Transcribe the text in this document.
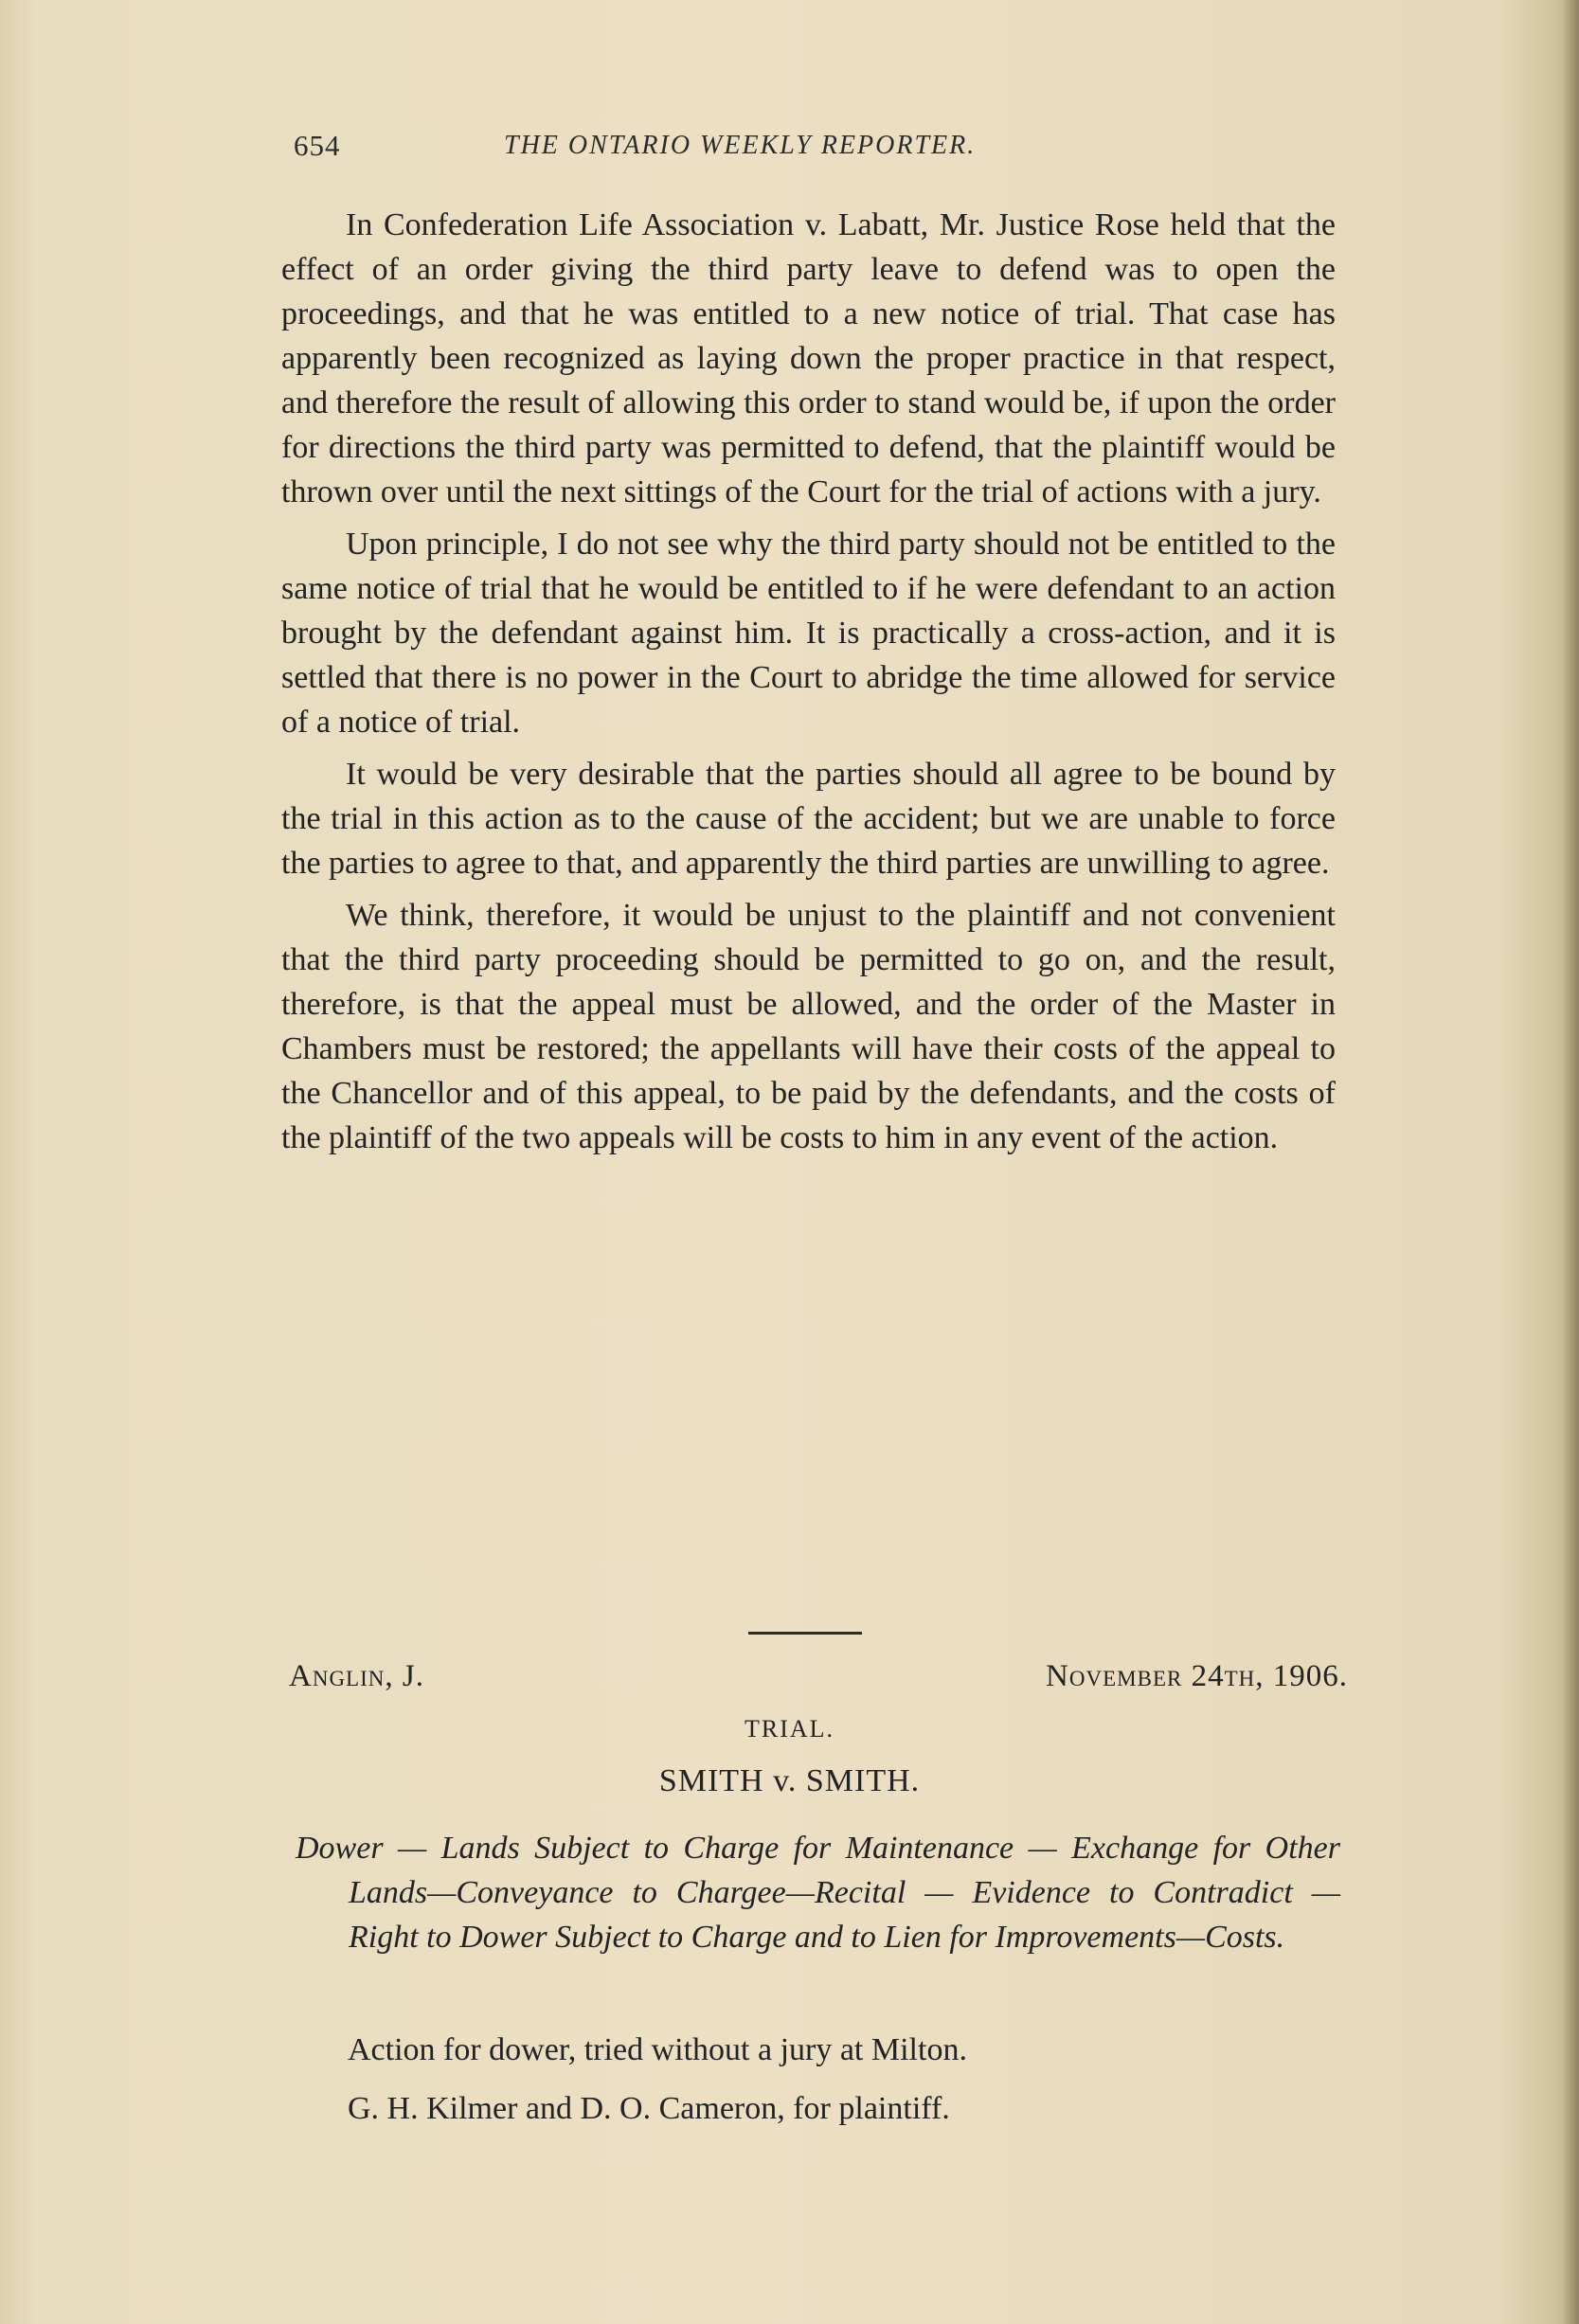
654	THE ONTARIO WEEKLY REPORTER.

In Confederation Life Association v. Labatt, Mr. Justice Rose held that the effect of an order giving the third party leave to defend was to open the proceedings, and that he was entitled to a new notice of trial. That case has apparently been recognized as laying down the proper practice in that respect, and therefore the result of allowing this order to stand would be, if upon the order for directions the third party was permitted to defend, that the plaintiff would be thrown over until the next sittings of the Court for the trial of actions with a jury.

Upon principle, I do not see why the third party should not be entitled to the same notice of trial that he would be entitled to if he were defendant to an action brought by the defendant against him. It is practically a cross-action, and it is settled that there is no power in the Court to abridge the time allowed for service of a notice of trial.

It would be very desirable that the parties should all agree to be bound by the trial in this action as to the cause of the accident; but we are unable to force the parties to agree to that, and apparently the third parties are unwilling to agree.

We think, therefore, it would be unjust to the plaintiff and not convenient that the third party proceeding should be permitted to go on, and the result, therefore, is that the appeal must be allowed, and the order of the Master in Chambers must be restored; the appellants will have their costs of the appeal to the Chancellor and of this appeal, to be paid by the defendants, and the costs of the plaintiff of the two appeals will be costs to him in any event of the action.

Anglin, J.	November 24th, 1906.
TRIAL.
SMITH v. SMITH.
Dower — Lands Subject to Charge for Maintenance — Exchange for Other Lands—Conveyance to Chargee—Recital — Evidence to Contradict — Right to Dower Subject to Charge and to Lien for Improvements—Costs.
Action for dower, tried without a jury at Milton.
G. H. Kilmer and D. O. Cameron, for plaintiff.
